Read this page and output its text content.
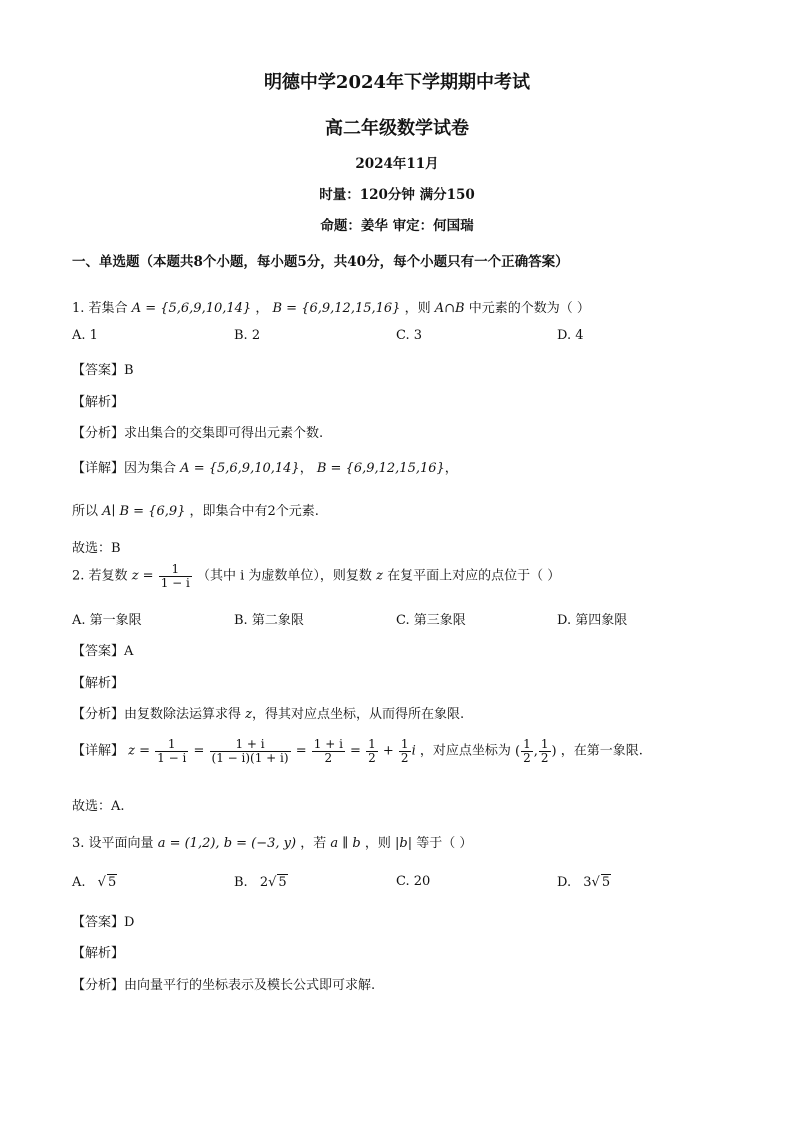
明德中学2024年下学期期中考试
高二年级数学试卷
2024年11月
时量：120分钟 满分150
命题：姜华 审定：何国瑞
一、单选题（本题共8个小题，每小题5分，共40分，每个小题只有一个正确答案）
1. 若集合 A = {5,6,9,10,14} ， B = {6,9,12,15,16} ，则 A∩B 中元素的个数为（ ）
A. 1	B. 2	C. 3	D. 4
【答案】B
【解析】
【分析】求出集合的交集即可得出元素个数.
【详解】因为集合 A = {5,6,9,10,14}， B = {6,9,12,15,16}，
所以 A∣ B = {6,9} ，即集合中有2个元素.
故选：B
2. 若复数 $z = \frac{1}{1 - i}$ （其中 i 为虚数单位），则复数 z 在复平面上对应的点位于（ ）
A. 第一象限	B. 第二象限	C. 第三象限	D. 第四象限
【答案】A
【解析】
【分析】由复数除法运算求得 z，得其对应点坐标，从而得所在象限.
【详解】 $z = \frac{1}{1 - i} = \frac{1 + i}{(1 - i)(1 + i)} = \frac{1 + i}{2} = \frac{1}{2} + \frac{1}{2}$ i ，对应点坐标为 ( $\frac{1}{2}$ , $\frac{1}{2}$ ) ，在第一象限.
故选：A.
3. 设平面向量 a = (1,2), b = (−3, y) ，若 a ∥ b ，则 |b| 等于（ ）
A. √ 5	B. 2√ 5	C. 20	D. 3√ 5
【答案】D
【解析】
【分析】由向量平行的坐标表示及模长公式即可求解.
